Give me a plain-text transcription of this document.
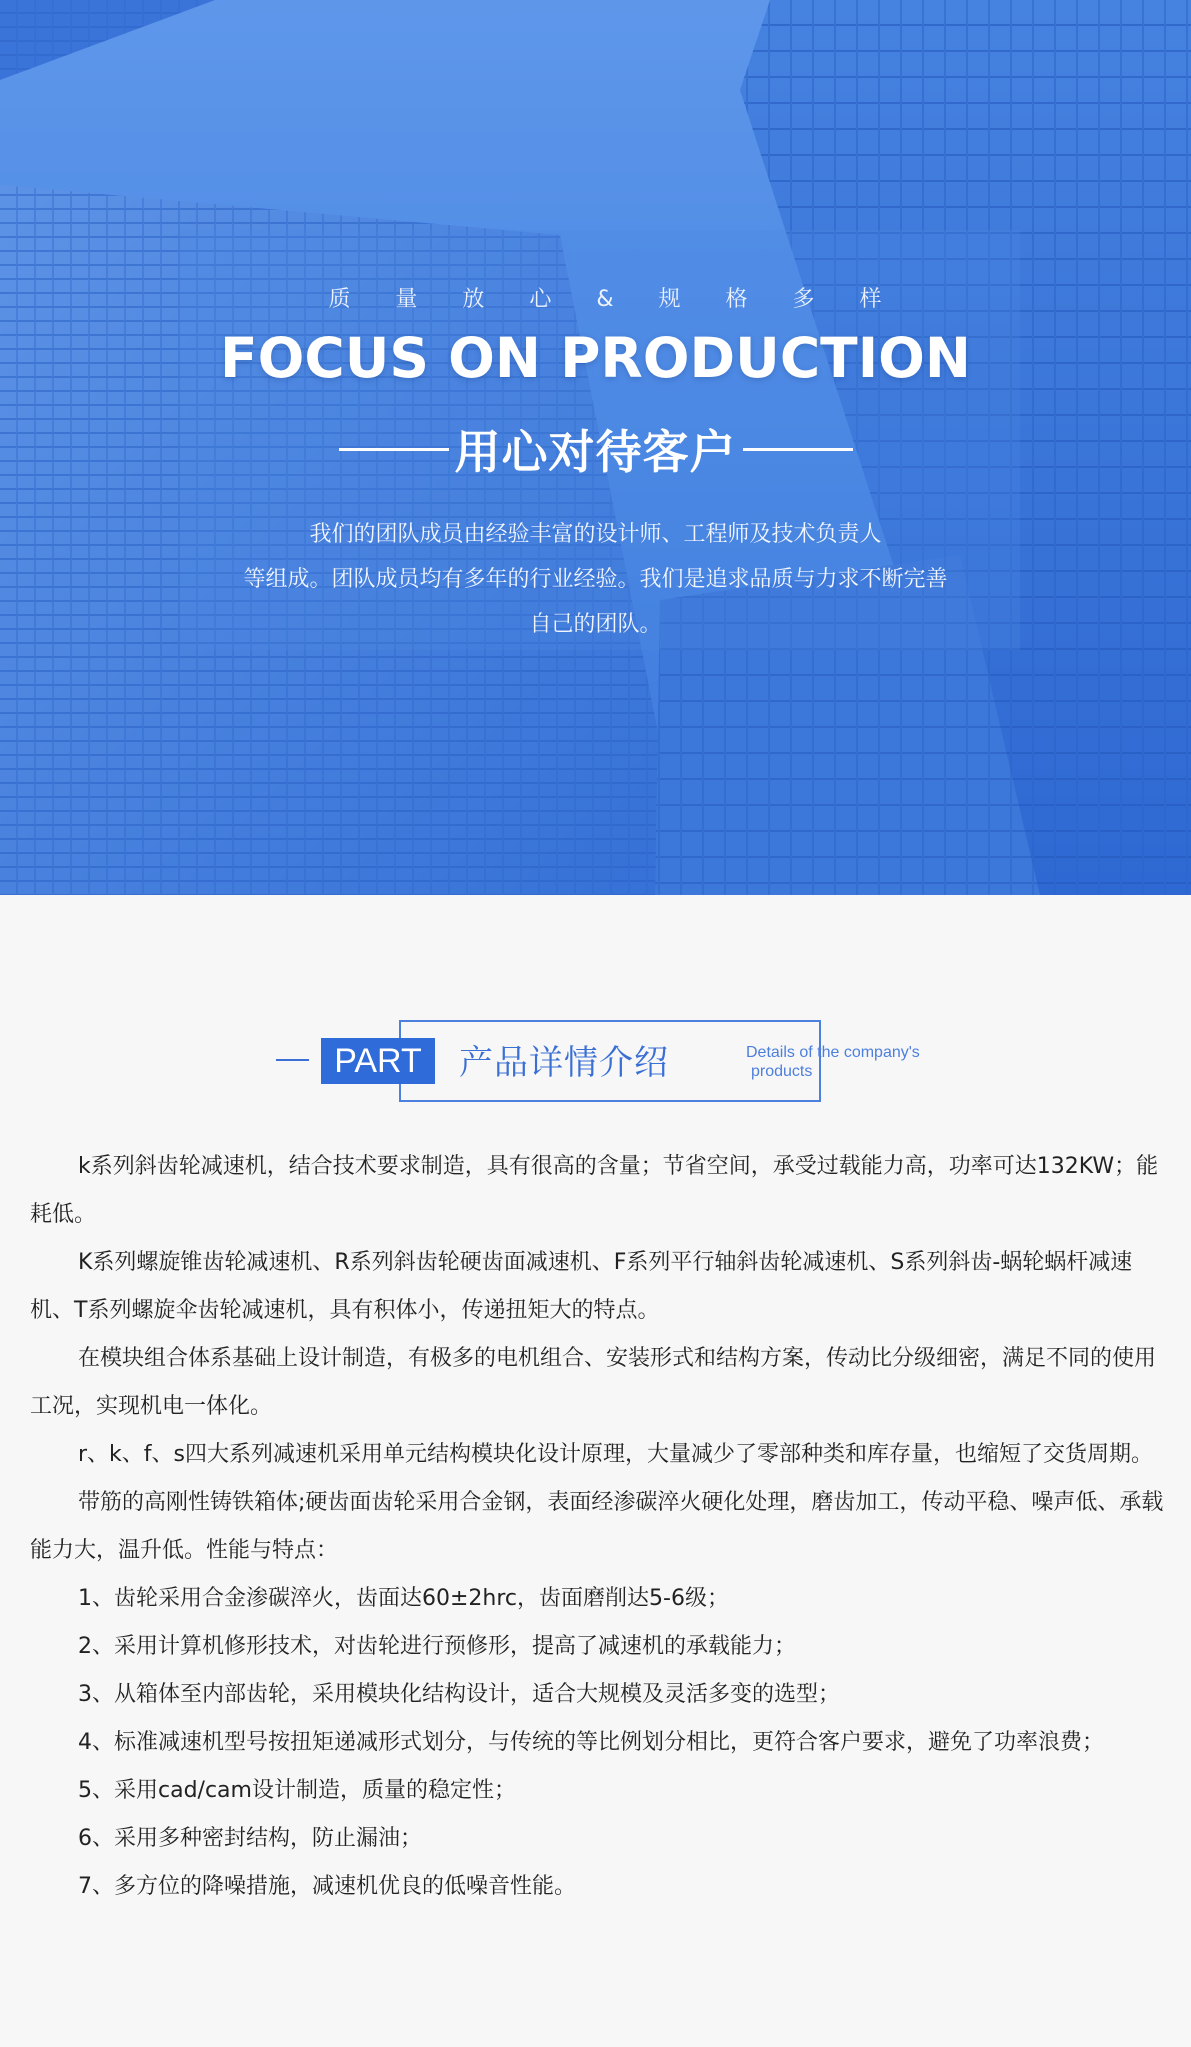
质 量 放 心 & 规 格 多 样
FOCUS ON PRODUCTION
用心对待客户
我们的团队成员由经验丰富的设计师、工程师及技术负责人
等组成。团队成员均有多年的行业经验。我们是追求品质与力求不断完善
自己的团队。
PART	产品详情介绍	Details of the company's
products

k系列斜齿轮减速机，结合技术要求制造，具有很高的含量；节省空间，承受过载能力高，功率可达132KW；能耗低。

K系列螺旋锥齿轮减速机、R系列斜齿轮硬齿面减速机、F系列平行轴斜齿轮减速机、S系列斜齿-蜗轮蜗杆减速机、T系列螺旋伞齿轮减速机，具有积体小，传递扭矩大的特点。

在模块组合体系基础上设计制造，有极多的电机组合、安装形式和结构方案，传动比分级细密，满足不同的使用工况，实现机电一体化。

r、k、f、s四大系列减速机采用单元结构模块化设计原理，大量减少了零部种类和库存量，也缩短了交货周期。

带筋的高刚性铸铁箱体;硬齿面齿轮采用合金钢，表面经渗碳淬火硬化处理，磨齿加工，传动平稳、噪声低、承载能力大，温升低。性能与特点：

1、齿轮采用合金渗碳淬火，齿面达60±2hrc，齿面磨削达5-6级；

2、采用计算机修形技术，对齿轮进行预修形，提高了减速机的承载能力；

3、从箱体至内部齿轮，采用模块化结构设计，适合大规模及灵活多变的选型；

4、标准减速机型号按扭矩递减形式划分，与传统的等比例划分相比，更符合客户要求，避免了功率浪费；

5、采用cad/cam设计制造，质量的稳定性；

6、采用多种密封结构，防止漏油；

7、多方位的降噪措施，减速机优良的低噪音性能。
